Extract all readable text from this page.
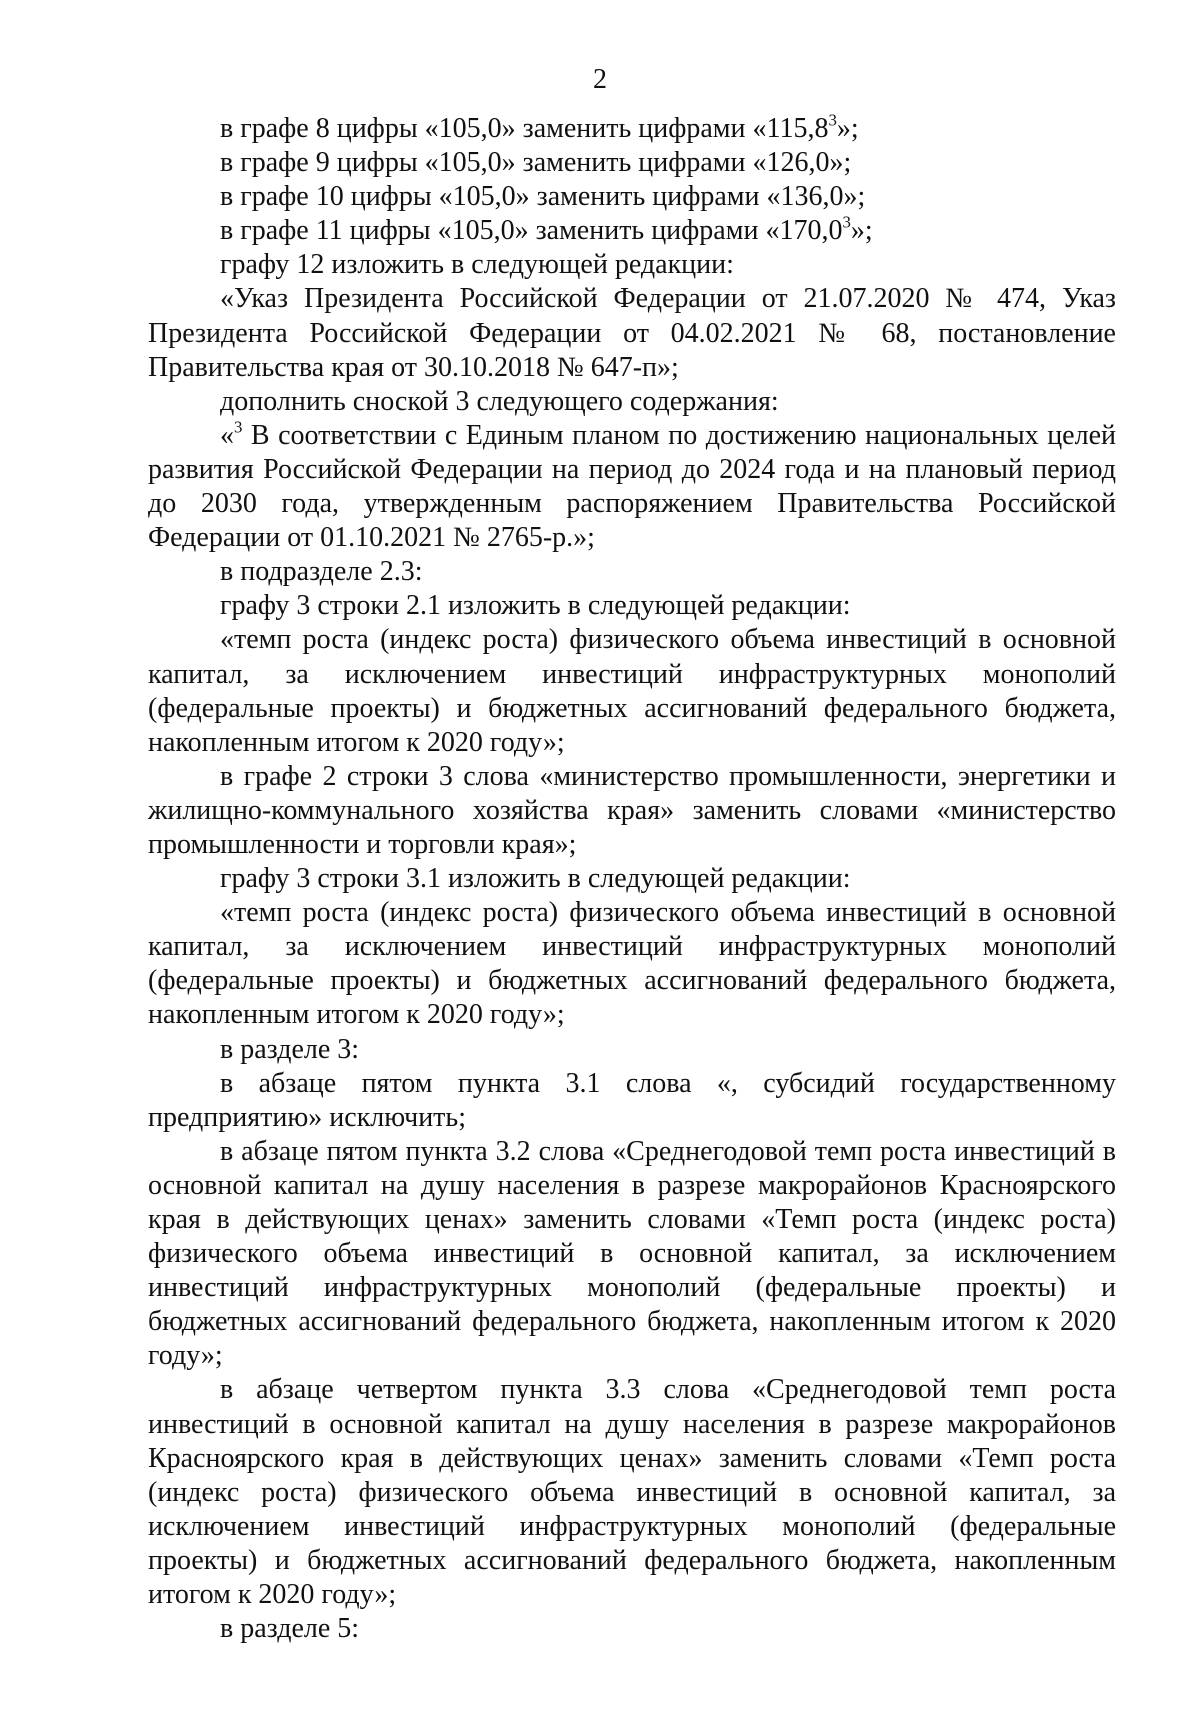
2

в графе 8 цифры «105,0» заменить цифрами «115,8$^3$»;

в графе 9 цифры «105,0» заменить цифрами «126,0»;

в графе 10 цифры «105,0» заменить цифрами «136,0»;

в графе 11 цифры «105,0» заменить цифрами «170,0$^3$»;

графу 12 изложить в следующей редакции:

«Указ Президента Российской Федерации от 21.07.2020 № 474, Указ Президента Российской Федерации от 04.02.2021 № 68, постановление Правительства края от 30.10.2018 № 647-п»;

дополнить сноской 3 следующего содержания:

«$^3$ В соответствии с Единым планом по достижению национальных целей развития Российской Федерации на период до 2024 года и на плановый период до 2030 года, утвержденным распоряжением Правительства Российской Федерации от 01.10.2021 № 2765-р.»;

в подразделе 2.3:

графу 3 строки 2.1 изложить в следующей редакции:

«темп роста (индекс роста) физического объема инвестиций в основной капитал, за исключением инвестиций инфраструктурных монополий (федеральные проекты) и бюджетных ассигнований федерального бюджета, накопленным итогом к 2020 году»;

в графе 2 строки 3 слова «министерство промышленности, энергетики и жилищно-коммунального хозяйства края» заменить словами «министерство промышленности и торговли края»;

графу 3 строки 3.1 изложить в следующей редакции:

«темп роста (индекс роста) физического объема инвестиций в основной капитал, за исключением инвестиций инфраструктурных монополий (федеральные проекты) и бюджетных ассигнований федерального бюджета, накопленным итогом к 2020 году»;

в разделе 3:

в абзаце пятом пункта 3.1 слова «, субсидий государственному предприятию» исключить;

в абзаце пятом пункта 3.2 слова «Среднегодовой темп роста инвестиций в основной капитал на душу населения в разрезе макрорайонов Красноярского края в действующих ценах» заменить словами «Темп роста (индекс роста) физического объема инвестиций в основной капитал, за исключением инвестиций инфраструктурных монополий (федеральные проекты) и бюджетных ассигнований федерального бюджета, накопленным итогом к 2020 году»;

в абзаце четвертом пункта 3.3 слова «Среднегодовой темп роста инвестиций в основной капитал на душу населения в разрезе макрорайонов Красноярского края в действующих ценах» заменить словами «Темп роста (индекс роста) физического объема инвестиций в основной капитал, за исключением инвестиций инфраструктурных монополий (федеральные проекты) и бюджетных ассигнований федерального бюджета, накопленным итогом к 2020 году»;

в разделе 5:
